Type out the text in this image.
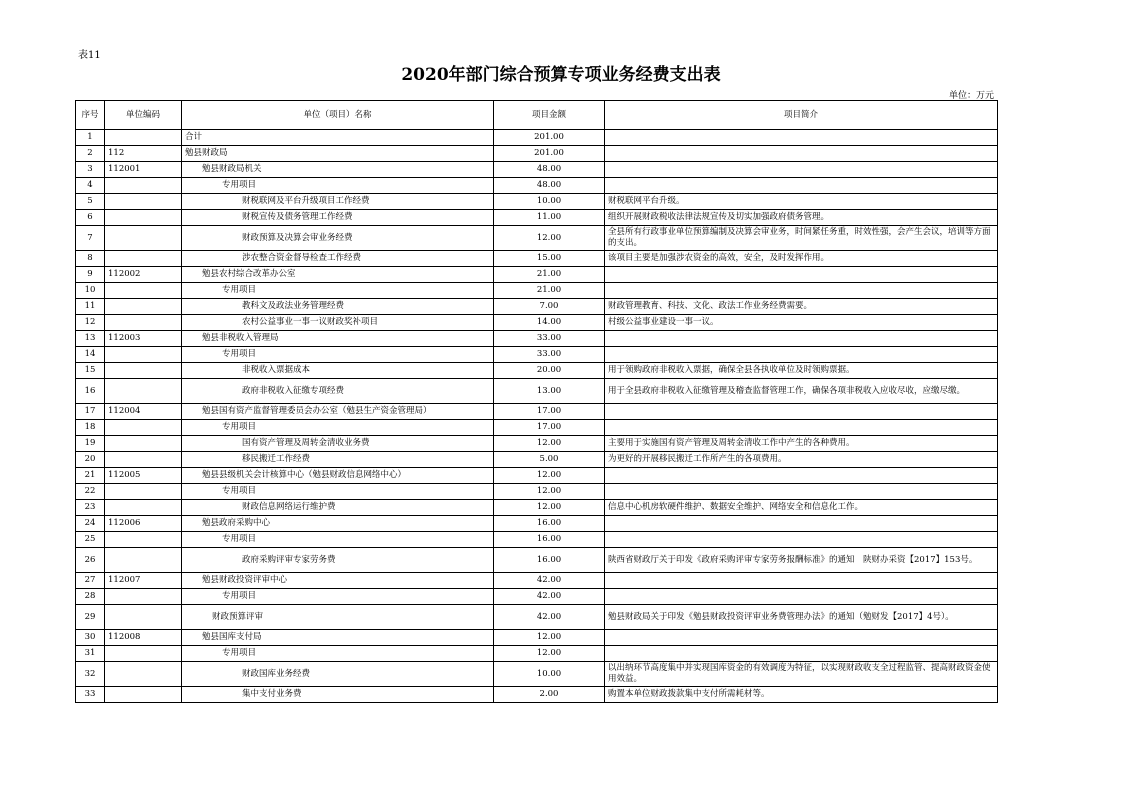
表11
2020年部门综合预算专项业务经费支出表
单位：万元
序号	单位编码	单位（项目）名称	项目金额	项目简介
1		合计	201.00	
2	112	勉县财政局	201.00	
3	112001	勉县财政局机关	48.00	
4		专用项目	48.00	
5		财税联网及平台升级项目工作经费	10.00	财税联网平台升级。
6		财税宣传及债务管理工作经费	11.00	组织开展财政税收法律法规宣传及切实加强政府债务管理。
7		财政预算及决算会审业务经费	12.00	全县所有行政事业单位预算编制及决算会审业务，时间紧任务重，时效性强，会产生会议，培训等方面的支出。
8		涉农整合资金督导检查工作经费	15.00	该项目主要是加强涉农资金的高效，安全，及时发挥作用。
9	112002	勉县农村综合改革办公室	21.00	
10		专用项目	21.00	
11		教科文及政法业务管理经费	7.00	财政管理教育、科技、文化、政法工作业务经费需要。
12		农村公益事业一事一议财政奖补项目	14.00	村级公益事业建设一事一议。
13	112003	勉县非税收入管理局	33.00	
14		专用项目	33.00	
15		非税收入票据成本	20.00	用于领购政府非税收入票据，确保全县各执收单位及时领购票据。
16		政府非税收入征缴专项经费	13.00	用于全县政府非税收入征缴管理及稽查监督管理工作，确保各项非税收入应收尽收，应缴尽缴。
17	112004	勉县国有资产监督管理委员会办公室（勉县生产资金管理局）	17.00	
18		专用项目	17.00	
19		国有资产管理及周转金清收业务费	12.00	主要用于实施国有资产管理及周转金清收工作中产生的各种费用。
20		移民搬迁工作经费	5.00	为更好的开展移民搬迁工作所产生的各项费用。
21	112005	勉县县级机关会计核算中心（勉县财政信息网络中心）	12.00	
22		专用项目	12.00	
23		财政信息网络运行维护费	12.00	信息中心机房软硬件维护、数据安全维护、网络安全和信息化工作。
24	112006	勉县政府采购中心	16.00	
25		专用项目	16.00	
26		政府采购评审专家劳务费	16.00	陕西省财政厅关于印发《政府采购评审专家劳务报酬标准》的通知　陕财办采资【2017】153号。
27	112007	勉县财政投资评审中心	42.00	
28		专用项目	42.00	
29		财政预算评审	42.00	勉县财政局关于印发《勉县财政投资评审业务费管理办法》的通知（勉财发【2017】4号）。
30	112008	勉县国库支付局	12.00	
31		专用项目	12.00	
32		财政国库业务经费	10.00	以出纳环节高度集中并实现国库资金的有效调度为特征，以实现财政收支全过程监管、提高财政资金使用效益。
33		集中支付业务费	2.00	购置本单位财政拨款集中支付所需耗材等。
